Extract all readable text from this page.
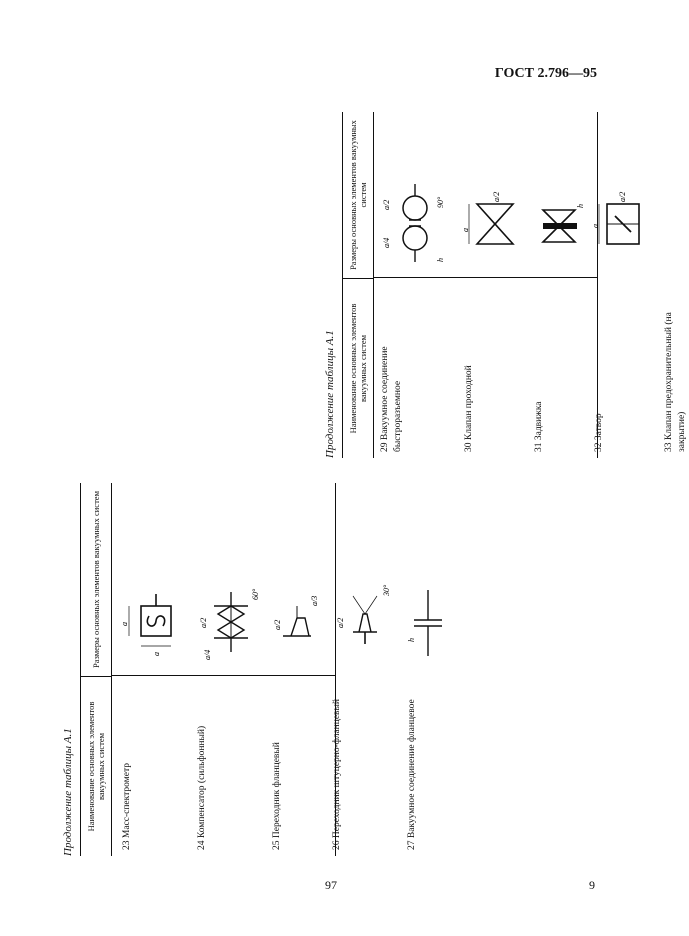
ГОСТ 2.796—95
97	9
Продолжение таблицы А.1	Наименование основных элементов вакуумных систем
Размеры основных элементов вакуумных систем
23 Масс-спектрометр
a
a
24 Компенсатор (сильфонный)
a/2
a/4
60°
25 Переходник фланцевый
a/2
a/3
26 Переходник штуцерно-фланцевый
a/2
30°
27 Вакуумное соединение фланцевое
h
Продолжение таблицы А.1	Наименование основных элементов вакуумных систем
Размеры основных элементов вакуумных систем
29 Вакуумное соединение быстроразъемное
a/4
a/2
h
90°
30 Клапан проходной
a
a/2
31 Задвижка
h
32 Затвор
a
a/2
33 Клапан предохранительный (на закрытие)
